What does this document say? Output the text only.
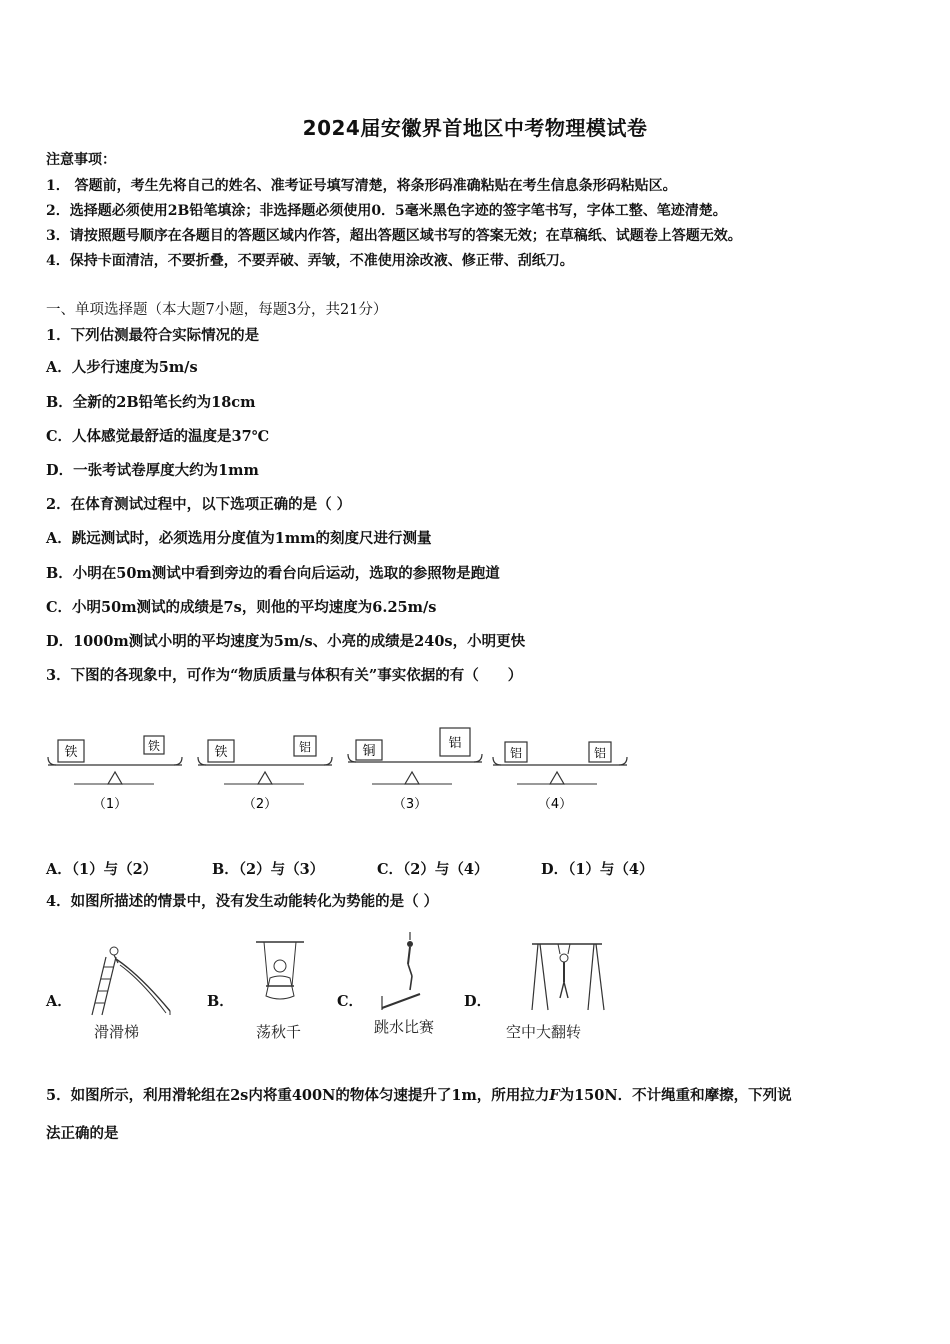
2024届安徽界首地区中考物理模试卷
注意事项：
1． 答题前，考生先将自己的姓名、准考证号填写清楚，将条形码准确粘贴在考生信息条形码粘贴区。
2．选择题必须使用2B铅笔填涂；非选择题必须使用0．5毫米黑色字迹的签字笔书写，字体工整、笔迹清楚。
3．请按照题号顺序在各题目的答题区域内作答，超出答题区域书写的答案无效；在草稿纸、试题卷上答题无效。
4．保持卡面清洁，不要折叠，不要弄破、弄皱，不准使用涂改液、修正带、刮纸刀。
一、单项选择题（本大题7小题，每题3分，共21分）
1．下列估测最符合实际情况的是
A．人步行速度为5m/s
B．全新的2B铅笔长约为18cm
C．人体感觉最舒适的温度是37℃
D．一张考试卷厚度大约为1mm
2．在体育测试过程中，以下选项正确的是（ ）
A．跳远测试时，必须选用分度值为1mm的刻度尺进行测量
B．小明在50m测试中看到旁边的看台向后运动，选取的参照物是跑道
C．小明50m测试的成绩是7s，则他的平均速度为6.25m/s
D．1000m测试小明的平均速度为5m/s、小亮的成绩是240s，小明更快
3．下图的各现象中，可作为“物质质量与体积有关”事实依据的有（　　）
铁	铁
（1）
铁	铝
（2）
铜
铝
（3）
铝	铝
（4）
A．（1）与（2）	B．（2）与（3）	C．（2）与（4）	D．（1）与（4）
4．如图所描述的情景中，没有发生动能转化为势能的是（ ）
A．
滑滑梯
B．
荡秋千
C．
跳水比赛
D．
空中大翻转
5．如图所示，利用滑轮组在2s内将重400N的物体匀速提升了1m，所用拉力F为150N．不计绳重和摩擦，下列说
法正确的是
